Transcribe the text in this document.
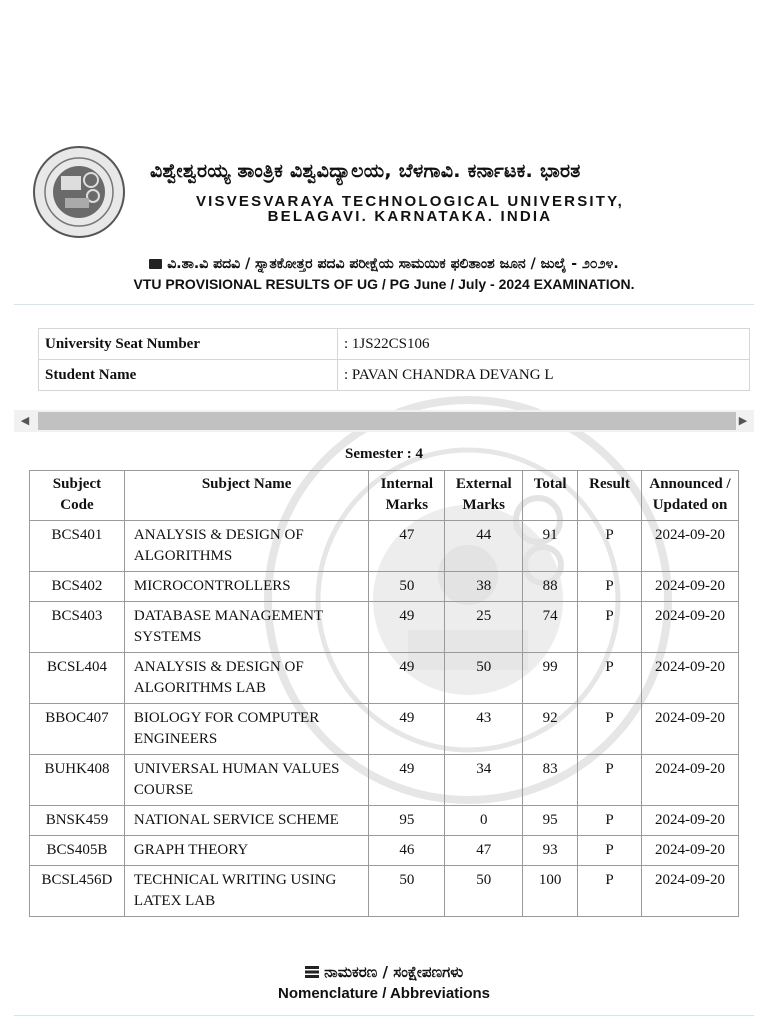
ವಿಶ್ವೇಶ್ವರಯ್ಯ ತಾಂತ್ರಿಕ ವಿಶ್ವವಿದ್ಯಾಲಯ, ಬೆಳಗಾವಿ. ಕರ್ನಾಟಕ. ಭಾರತ
VISVESVARAYA TECHNOLOGICAL UNIVERSITY,
BELAGAVI. KARNATAKA. INDIA
ವಿ.ತಾ.ವಿ ಪದವಿ / ಸ್ನಾತಕೋತ್ತರ ಪದವಿ ಪರೀಕ್ಷೆಯ ಸಾಮಯಿಕ ಫಲಿತಾಂಶ ಜೂನ / ಜುಲೈ - ೨೦೨೪.
VTU PROVISIONAL RESULTS OF UG / PG June / July - 2024 EXAMINATION.
University Seat Number	: 1JS22CS106
Student Name	: PAVAN CHANDRA DEVANG L
◀	▶
Semester : 4
Subject Code	Subject Name	Internal Marks	External Marks	Total	Result	Announced / Updated on
BCS401	ANALYSIS & DESIGN OF ALGORITHMS	47	44	91	P	2024-09-20
BCS402	MICROCONTROLLERS	50	38	88	P	2024-09-20
BCS403	DATABASE MANAGEMENT SYSTEMS	49	25	74	P	2024-09-20
BCSL404	ANALYSIS & DESIGN OF ALGORITHMS LAB	49	50	99	P	2024-09-20
BBOC407	BIOLOGY FOR COMPUTER ENGINEERS	49	43	92	P	2024-09-20
BUHK408	UNIVERSAL HUMAN VALUES COURSE	49	34	83	P	2024-09-20
BNSK459	NATIONAL SERVICE SCHEME	95	0	95	P	2024-09-20
BCS405B	GRAPH THEORY	46	47	93	P	2024-09-20
BCSL456D	TECHNICAL WRITING USING LATEX LAB	50	50	100	P	2024-09-20
ನಾಮಕರಣ / ಸಂಕ್ಷೇಪಣಗಳು
Nomenclature / Abbreviations
